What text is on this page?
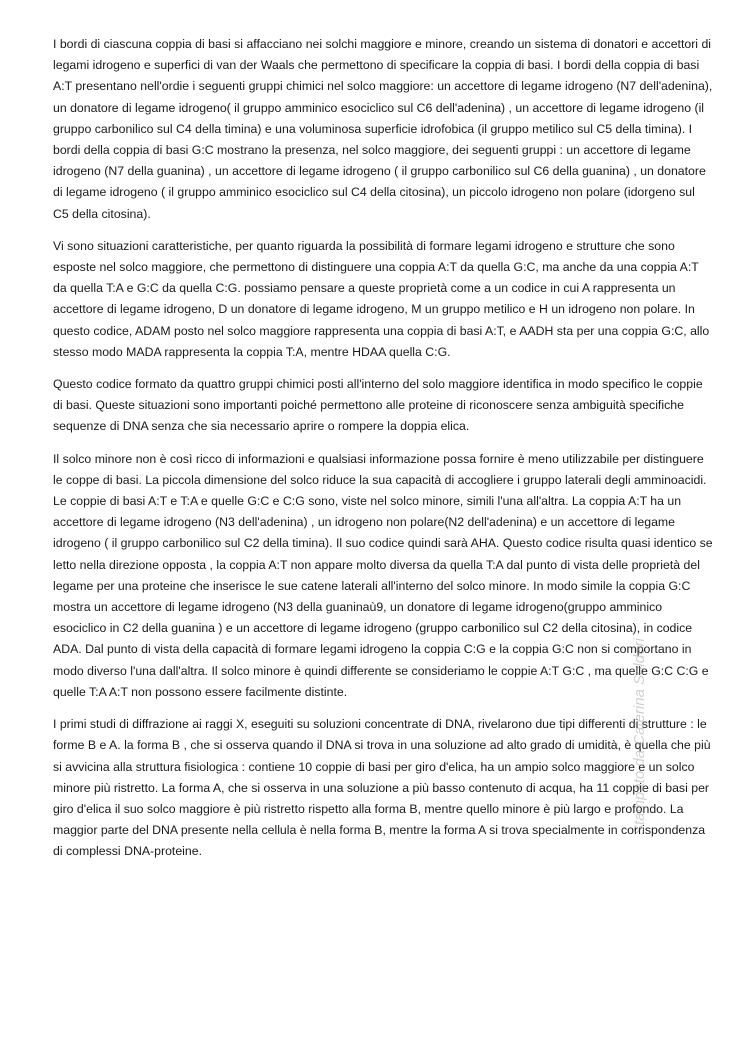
I bordi di ciascuna coppia di basi si affacciano nei solchi maggiore e minore, creando un sistema di donatori e accettori di legami idrogeno e superfici di van der Waals che permettono di specificare la coppia di basi. I bordi della coppia di basi A:T presentano nell'ordie i seguenti gruppi chimici nel solco maggiore: un accettore di legame idrogeno (N7 dell'adenina), un donatore di legame idrogeno( il gruppo amminico esociclico sul C6 dell'adenina) , un accettore di legame idrogeno (il gruppo carbonilico sul C4 della timina) e una voluminosa superficie idrofobica (il gruppo metilico sul C5 della timina). I bordi della coppia di basi G:C mostrano la presenza, nel solco maggiore, dei seguenti gruppi : un accettore di legame idrogeno (N7 della guanina) , un accettore di legame idrogeno ( il gruppo carbonilico sul C6 della guanina) , un donatore di legame idrogeno ( il gruppo amminico esociclico sul C4 della citosina), un piccolo idrogeno non polare (idorgeno sul C5 della citosina).

Vi sono situazioni caratteristiche, per quanto riguarda la possibilità di formare legami idrogeno e strutture che sono esposte nel solco maggiore, che permettono di distinguere una coppia A:T da quella G:C, ma anche da una coppia A:T da quella T:A e G:C da quella C:G. possiamo pensare a queste proprietà come a un codice in cui A rappresenta un accettore di legame idrogeno, D un donatore di legame idrogeno, M un gruppo metilico e H un idrogeno non polare. In questo codice, ADAM posto nel solco maggiore rappresenta una coppia di basi A:T, e AADH sta per una coppia G:C, allo stesso modo MADA rappresenta la coppia T:A, mentre HDAA quella C:G.

Questo codice formato da quattro gruppi chimici posti all'interno del solo maggiore identifica in modo specifico le coppie di basi. Queste situazioni sono importanti poiché permettono alle proteine di riconoscere senza ambiguità specifiche sequenze di DNA senza che sia necessario aprire o rompere la doppia elica.

Il solco minore non è così ricco di informazioni e qualsiasi informazione possa fornire è meno utilizzabile per distinguere le coppe di basi. La piccola dimensione del solco riduce la sua capacità di accogliere i gruppo laterali degli amminoacidi. Le coppie di basi A:T e T:A e quelle G:C e C:G sono, viste nel solco minore, simili l'una all'altra. La coppia A:T ha un accettore di legame idrogeno (N3 dell'adenina) , un idrogeno non polare(N2 dell'adenina) e un accettore di legame idrogeno ( il gruppo carbonilico sul C2 della timina). Il suo codice quindi sarà AHA. Questo codice risulta quasi identico se letto nella direzione opposta , la coppia A:T non appare molto diversa da quella T:A dal punto di vista delle proprietà del legame per una proteine che inserisce le sue catene laterali all'interno del solco minore. In modo simile la coppia G:C mostra un accettore di legame idrogeno (N3 della guaninaù9, un donatore di legame idrogeno(gruppo amminico esociclico in C2 della guanina ) e un accettore di legame idrogeno (gruppo carbonilico sul C2 della citosina), in codice ADA. Dal punto di vista della capacità di formare legami idrogeno la coppia C:G e la coppia G:C non si comportano in modo diverso l'una dall'altra. Il solco minore è quindi differente se consideriamo le coppie A:T G:C , ma quelle G:C C:G e quelle T:A A:T non possono essere facilmente distinte.

I primi studi di diffrazione ai raggi X, eseguiti su soluzioni concentrate di DNA, rivelarono due tipi differenti di strutture : le forme B e A. la forma B , che si osserva quando il DNA si trova in una soluzione ad alto grado di umidità, è quella che più si avvicina alla struttura fisiologica : contiene 10 coppie di basi per giro d'elica, ha un ampio solco maggiore e un solco minore più ristretto. La forma A, che si osserva in una soluzione a più basso contenuto di acqua, ha 11 coppie di basi per giro d'elica il suo solco maggiore è più ristretto rispetto alla forma B, mentre quello minore è più largo e profondo. La maggior parte del DNA presente nella cellula è nella forma B, mentre la forma A si trova specialmente in corrispondenza di complessi DNA-proteine.

Stampato da Caterina Solderi
